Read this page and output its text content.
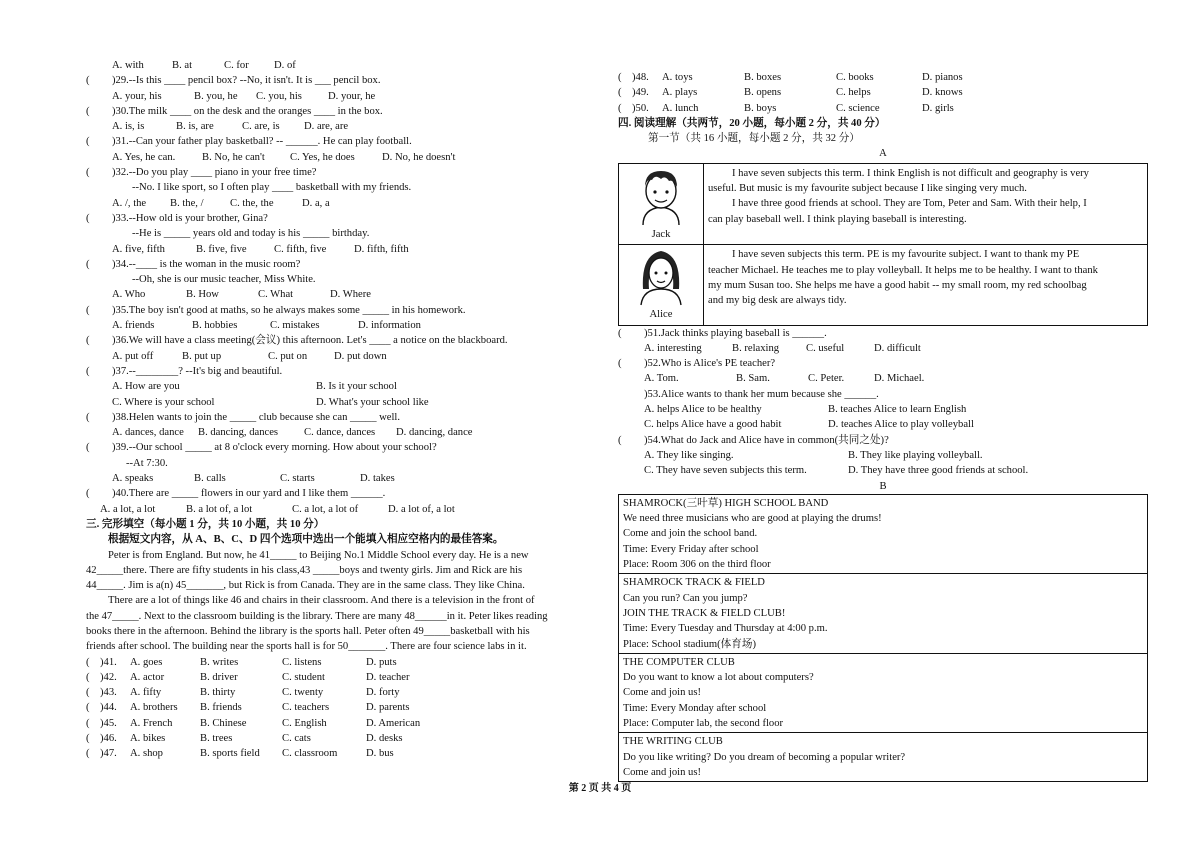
A. with	B. at	C. for	D. of
(	)29. --Is this ____ pencil box? --No, it isn't. It is ___ pencil box.
A. your, his	B. you, he	C. you, his	D. your, he
(	)30. The milk ____ on the desk and the oranges ____ in the box.
A. is, is	B. is, are	C. are, is	D. are, are
(	)31. --Can your father play basketball? -- ______. He can play football.
A. Yes, he can.	B. No, he can't	C. Yes, he does	D. No, he doesn't
(	)32. --Do you play ____ piano in your free time?
--No. I like sport, so I often play ____ basketball with my friends.
A. /, the	B. the, /	C. the, the	D. a, a
(	)33. --How old is your brother, Gina?
--He is _____ years old and today is his _____ birthday.
A. five, fifth	B. five, five	C. fifth, five	D. fifth, fifth
(	)34. --____ is the woman in the music room?
--Oh, she is our music teacher, Miss White.
A. Who	B. How	C. What	D. Where
(	)35. The boy isn't good at maths, so he always makes some _____ in his homework.
A. friends	B. hobbies	C. mistakes	D. information
(	)36. We will have a class meeting(会议) this afternoon. Let's ____ a notice on the blackboard.
A. put off	B. put up	C. put on	D. put down
(	)37. --________? --It's big and beautiful.
A. How are you	B. Is it your school
C. Where is your school	D. What's your school like
(	)38. Helen wants to join the _____ club because she can _____ well.
A. dances, dance	B. dancing, dances	C. dance, dances	D. dancing, dance
(	)39. --Our school _____ at 8 o'clock every morning. How about your school?
--At 7:30.
A. speaks	B. calls	C. starts	D. takes
(	)40. There are _____ flowers in our yard and I like them ______.
A. a lot, a lot	B. a lot of, a lot	C. a lot, a lot of	D. a lot of, a lot
三. 完形填空（每小题 1 分，共 10 小题，共 10 分）
根据短文内容，从 A、B、C、D 四个选项中选出一个能填入相应空格内的最佳答案。
Peter is from England. But now, he 41_____ to Beijing No.1 Middle School every day. He is a new
42_____there. There are fifty students in his class,43 _____boys and twenty girls. Jim and Rick are his
44_____. Jim is a(n) 45_______, but Rick is from Canada. They are in the same class. They like China.
There are a lot of things like 46 and chairs in their classroom. And there is a television in the front of
the 47_____. Next to the classroom building is the library. There are many 48______in it. Peter likes reading
books there in the afternoon. Behind the library is the sports hall. Peter often 49_____basketball with his
friends after school. The building near the sports hall is for 50_______. There are four science labs in it.
( )41.	A. goes	B. writes	C. listens	D. puts
( )42.	A. actor	B. driver	C. student	D. teacher
( )43.	A. fifty	B. thirty	C. twenty	D. forty
( )44.	A. brothers	B. friends	C. teachers	D. parents
( )45.	A. French	B. Chinese	C. English	D. American
( )46.	A. bikes	B. trees	C. cats	D. desks
( )47.	A. shop	B. sports field	C. classroom	D. bus
( )48.	A. toys	B. boxes	C. books	D. pianos
( )49.	A. plays	B. opens	C. helps	D. knows
( )50.	A. lunch	B. boys	C. science	D. girls
四. 阅读理解（共两节，20 小题，每小题 2 分，共 40 分）
第一节（共 16 小题，每小题 2 分，共 32 分）
A
Jack
I have seven subjects this term. I think English is not difficult and geography is very
useful. But music is my favourite subject because I like singing very much.
I have three good friends at school. They are Tom, Peter and Sam. With their help, I
can play baseball well. I think playing baseball is interesting.
Alice
I have seven subjects this term. PE is my favourite subject. I want to thank my PE
teacher Michael. He teaches me to play volleyball. It helps me to be healthy. I want to thank
my mum Susan too. She helps me have a good habit -- my small room, my red schoolbag
and my big desk are always tidy.
(	)51. Jack thinks playing baseball is ______.
A. interesting	B. relaxing	C. useful	D. difficult
(	)52. Who is Alice's PE teacher?
A. Tom.	B. Sam.	C. Peter.	D. Michael.
)53. Alice wants to thank her mum because she ______.
A. helps Alice to be healthy	B. teaches Alice to learn English
C. helps Alice have a good habit	D. teaches Alice to play volleyball
(	)54. What do Jack and Alice have in common(共同之处)?
A. They like singing.	B. They like playing volleyball.
C. They have seven subjects this term.	D. They have three good friends at school.
B
SHAMROCK(三叶草) HIGH SCHOOL BAND
We need three musicians who are good at playing the drums!
Come and join the school band.
Time: Every Friday after school
Place: Room 306 on the third floor
SHAMROCK TRACK & FIELD
Can you run? Can you jump?
JOIN THE TRACK & FIELD CLUB!
Time: Every Tuesday and Thursday at 4:00 p.m.
Place: School stadium(体育场)
THE COMPUTER CLUB
Do you want to know a lot about computers?
Come and join us!
Time: Every Monday after school
Place: Computer lab, the second floor
THE WRITING CLUB
Do you like writing? Do you dream of becoming a popular writer?
Come and join us!
第 2 页 共 4 页
